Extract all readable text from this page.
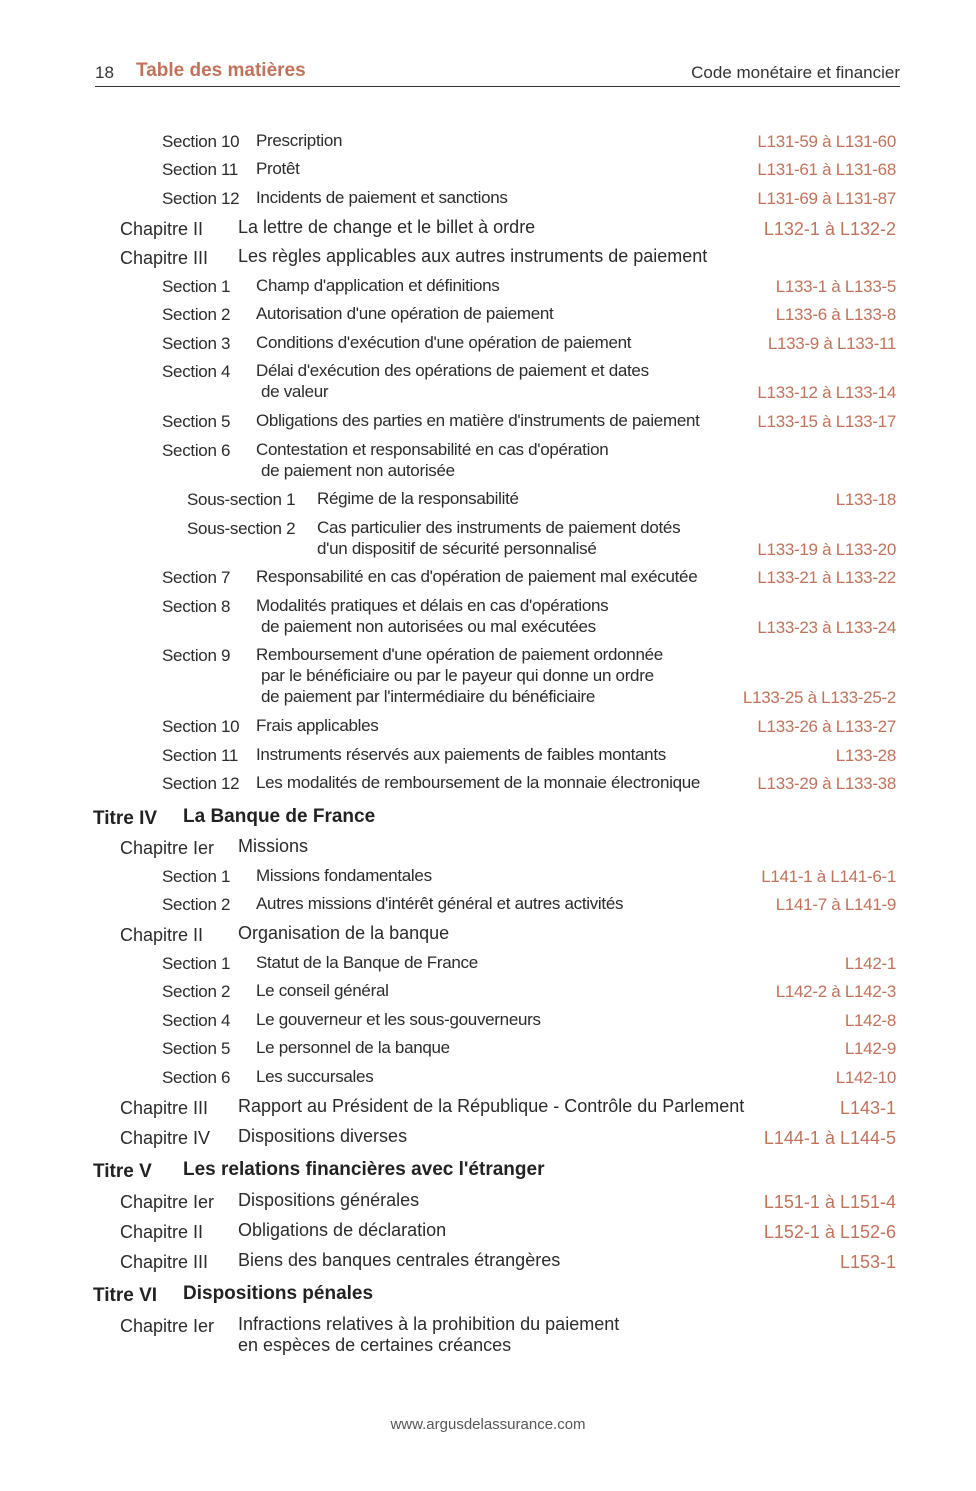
18 Table des matières	Code monétaire et financier
Section 10 Prescription	L131-59 à L131-60
Section 11 Protêt	L131-61 à L131-68
Section 12 Incidents de paiement et sanctions	L131-69 à L131-87
Chapitre II La lettre de change et le billet à ordre	L132-1 à L132-2
Chapitre III Les règles applicables aux autres instruments de paiement
Section 1 Champ d'application et définitions	L133-1 à L133-5
Section 2 Autorisation d'une opération de paiement	L133-6 à L133-8
Section 3 Conditions d'exécution d'une opération de paiement	L133-9 à L133-11
Section 4 Délai d'exécution des opérations de paiement et dates
de valeur	L133-12 à L133-14
Section 5 Obligations des parties en matière d'instruments de paiement	L133-15 à L133-17
Section 6 Contestation et responsabilité en cas d'opération
de paiement non autorisée
Sous-section 1 Régime de la responsabilité	L133-18
Sous-section 2 Cas particulier des instruments de paiement dotés
d'un dispositif de sécurité personnalisé	L133-19 à L133-20
Section 7 Responsabilité en cas d'opération de paiement mal exécutée	L133-21 à L133-22
Section 8 Modalités pratiques et délais en cas d'opérations
de paiement non autorisées ou mal exécutées	L133-23 à L133-24
Section 9 Remboursement d'une opération de paiement ordonnée
par le bénéficiaire ou par le payeur qui donne un ordre
de paiement par l'intermédiaire du bénéficiaire	L133-25 à L133-25-2
Section 10 Frais applicables	L133-26 à L133-27
Section 11 Instruments réservés aux paiements de faibles montants	L133-28
Section 12 Les modalités de remboursement de la monnaie électronique	L133-29 à L133-38
Titre IV La Banque de France
Chapitre Ier Missions
Section 1 Missions fondamentales	L141-1 à L141-6-1
Section 2 Autres missions d'intérêt général et autres activités	L141-7 à L141-9
Chapitre II Organisation de la banque
Section 1 Statut de la Banque de France	L142-1
Section 2 Le conseil général	L142-2 à L142-3
Section 4 Le gouverneur et les sous-gouverneurs	L142-8
Section 5 Le personnel de la banque	L142-9
Section 6 Les succursales	L142-10
Chapitre III Rapport au Président de la République - Contrôle du Parlement	L143-1
Chapitre IV Dispositions diverses	L144-1 à L144-5
Titre V Les relations financières avec l'étranger
Chapitre Ier Dispositions générales	L151-1 à L151-4
Chapitre II Obligations de déclaration	L152-1 à L152-6
Chapitre III Biens des banques centrales étrangères	L153-1
Titre VI Dispositions pénales
Chapitre Ier Infractions relatives à la prohibition du paiement
en espèces de certaines créances
www.argusdelassurance.com
